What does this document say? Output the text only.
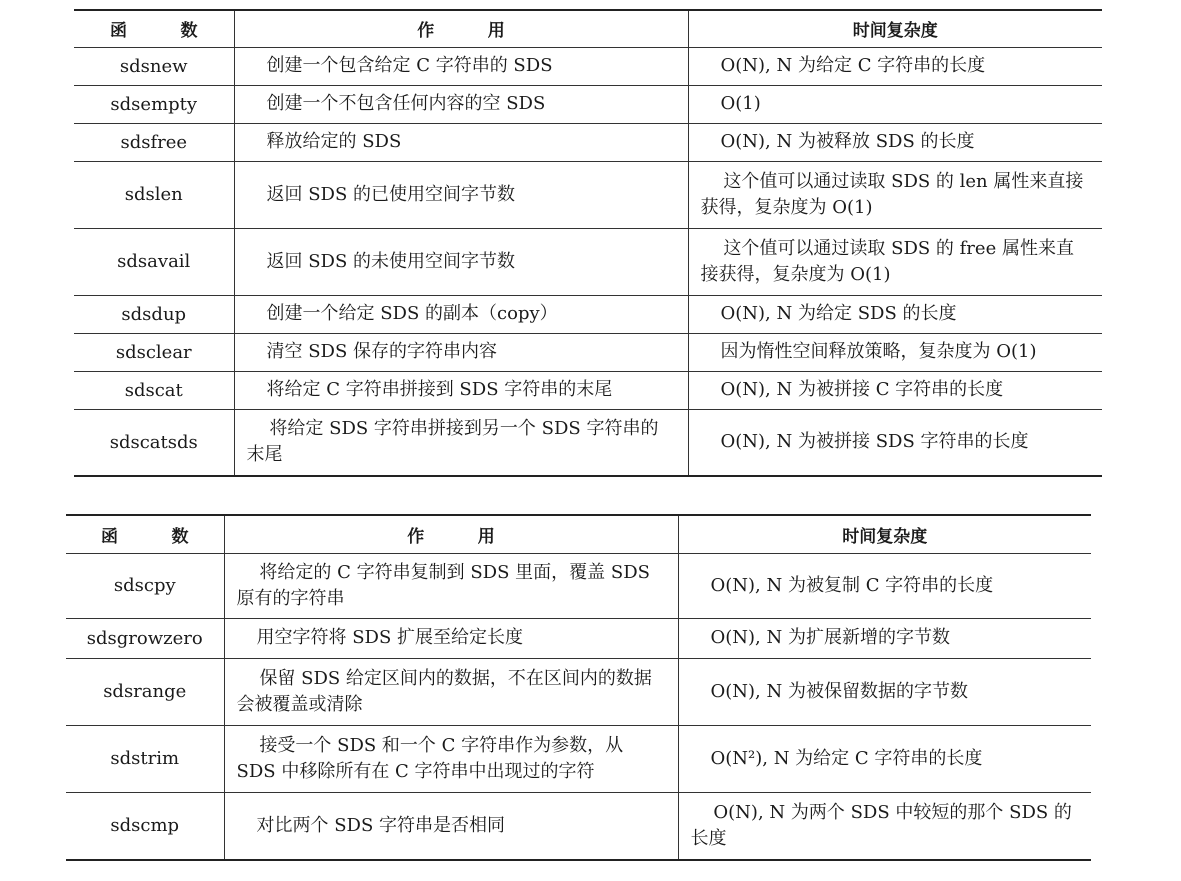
函 数	作 用	时间复杂度
sdsnew	创建一个包含给定 C 字符串的 SDS	O(N), N 为给定 C 字符串的长度

sdsempty	创建一个不包含任何内容的空 SDS	O(1)

sdsfree	释放给定的 SDS	O(N), N 为被释放 SDS 的长度

sdslen	返回 SDS 的已使用空间字节数	这个值可以通过读取 SDS 的 len 属性来直接获得，复杂度为 O(1)

sdsavail	返回 SDS 的未使用空间字节数	这个值可以通过读取 SDS 的 free 属性来直接获得，复杂度为 O(1)

sdsdup	创建一个给定 SDS 的副本（copy）	O(N), N 为给定 SDS 的长度

sdsclear	清空 SDS 保存的字符串内容	因为惰性空间释放策略，复杂度为 O(1)

sdscat	将给定 C 字符串拼接到 SDS 字符串的末尾	O(N), N 为被拼接 C 字符串的长度

sdscatsds	将给定 SDS 字符串拼接到另一个 SDS 字符串的末尾	O(N), N 为被拼接 SDS 字符串的长度
函 数	作 用	时间复杂度
sdscpy	将给定的 C 字符串复制到 SDS 里面，覆盖 SDS 原有的字符串	O(N), N 为被复制 C 字符串的长度

sdsgrowzero	用空字符将 SDS 扩展至给定长度	O(N), N 为扩展新增的字节数

sdsrange	保留 SDS 给定区间内的数据，不在区间内的数据会被覆盖或清除	O(N), N 为被保留数据的字节数

sdstrim	接受一个 SDS 和一个 C 字符串作为参数，从 SDS 中移除所有在 C 字符串中出现过的字符	O(N²), N 为给定 C 字符串的长度

sdscmp	对比两个 SDS 字符串是否相同	O(N), N 为两个 SDS 中较短的那个 SDS 的长度
